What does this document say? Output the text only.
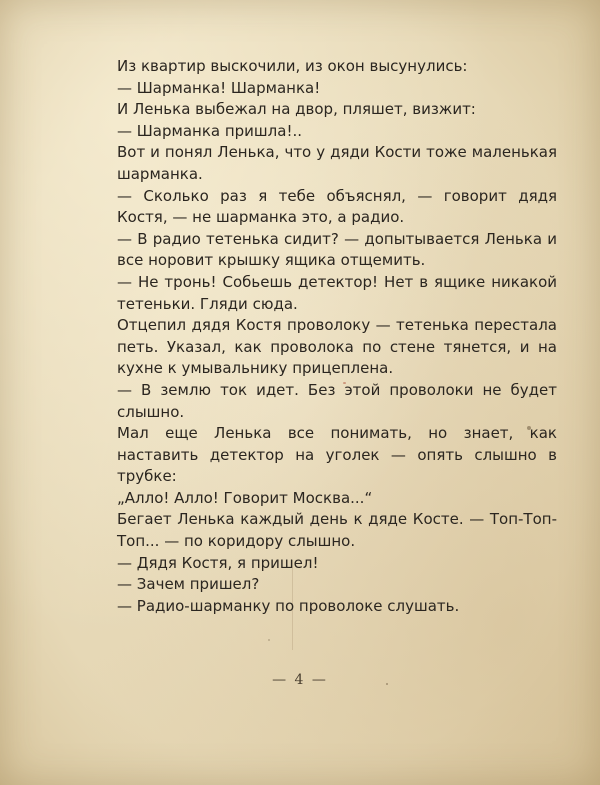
Из квартир выскочили, из окон высунулись:

— Шарманка! Шарманка!

И Ленька выбежал на двор, пляшет, визжит:

— Шарманка пришла!..

Вот и понял Ленька, что у дяди Кости тоже маленькая шарманка.

— Сколько раз я тебе объяснял, — говорит дядя Костя, — не шарманка это, а радио.

— В радио тетенька сидит? — допытывается Ленька и все норовит крышку ящика отщемить.

— Не тронь! Собьешь детектор! Нет в ящике никакой тетеньки. Гляди сюда.

Отцепил дядя Костя проволоку — тетенька перестала петь. Указал, как проволока по стене тянется, и на кухне к умывальнику прицеплена.

— В землю ток идет. Без этой проволоки не будет слышно.

Мал еще Ленька все понимать, но знает, как наставить детектор на уголек — опять слышно в трубке:

„Алло! Алло! Говорит Москва...“

Бегает Ленька каждый день к дяде Косте. — Топ-Топ-Топ... — по коридору слышно.

— Дядя Костя, я пришел!

— Зачем пришел?

— Радио-шарманку по проволоке слушать.

— 4 —
